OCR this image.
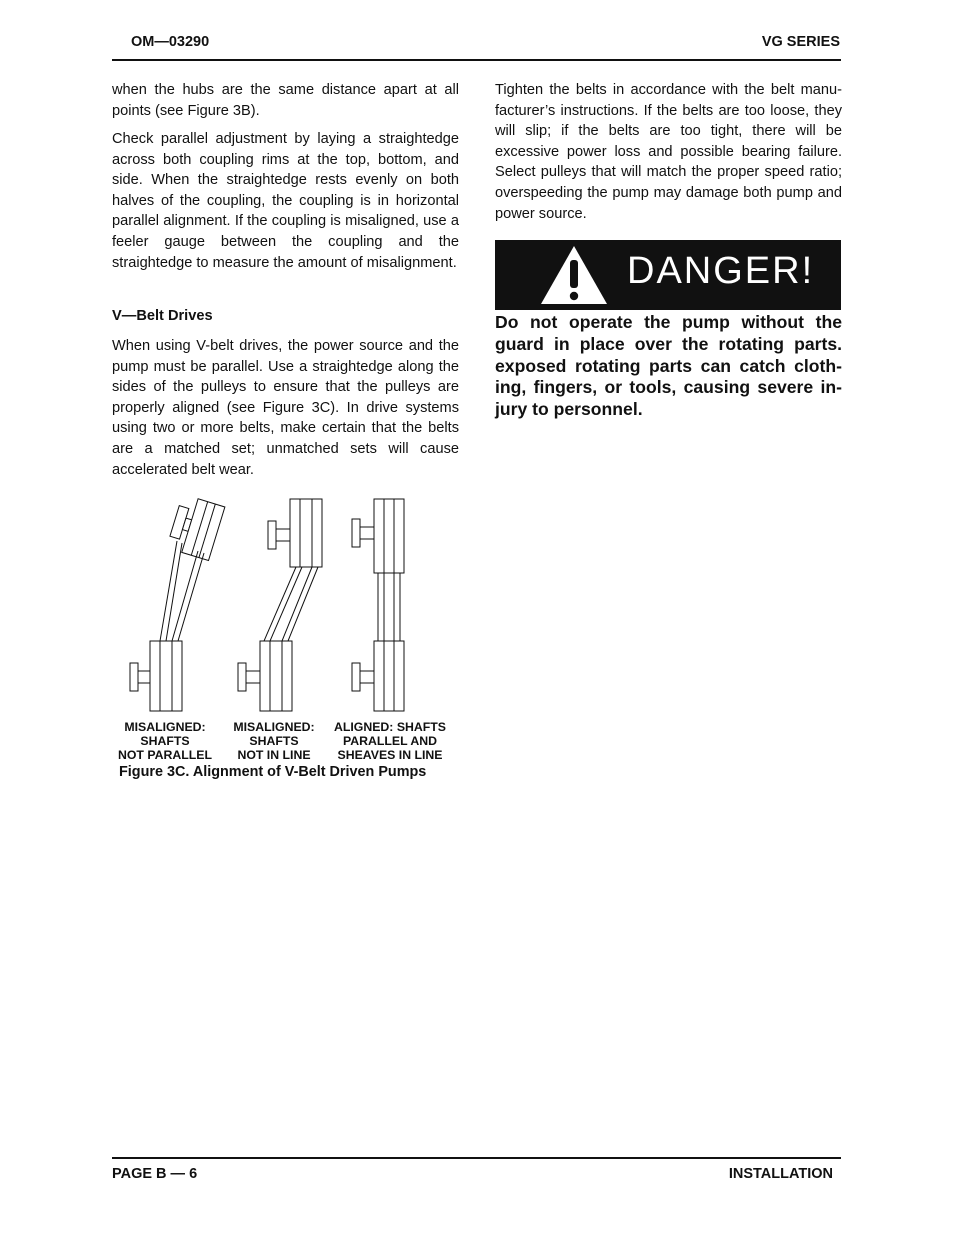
OM—03290	VG SERIES

when the hubs are the same distance apart at all points (see Figure 3B).

Check parallel adjustment by laying a straightedge across both coupling rims at the top, bottom, and side. When the straightedge rests evenly on both halves of the coupling, the coupling is in horizontal parallel alignment. If the coupling is misaligned, use a feeler gauge between the coupling and the straightedge to measure the amount of misalignment.

V—Belt Drives

When using V-belt drives, the power source and the pump must be parallel. Use a straightedge along the sides of the pulleys to ensure that the pulleys are properly aligned (see Figure 3C). In drive systems using two or more belts, make certain that the belts are a matched set; unmatched sets will cause accelerated belt wear.

MISALIGNED:
SHAFTS
NOT PARALLEL
MISALIGNED:
SHAFTS
NOT IN LINE
ALIGNED: SHAFTS
PARALLEL AND
SHEAVES IN LINE
Figure 3C. Alignment of V-Belt Driven Pumps

Tighten the belts in accordance with the belt manufacturer’s instructions. If the belts are too loose, they will slip; if the belts are too tight, there will be excessive power loss and possible bearing failure. Select pulleys that will match the proper speed ratio; overspeeding the pump may damage both pump and power source.

DANGER!

Do not operate the pump without the guard in place over the rotating parts. exposed rotating parts can catch clothing, fingers, or tools, causing severe injury to personnel.

PAGE B — 6	INSTALLATION
